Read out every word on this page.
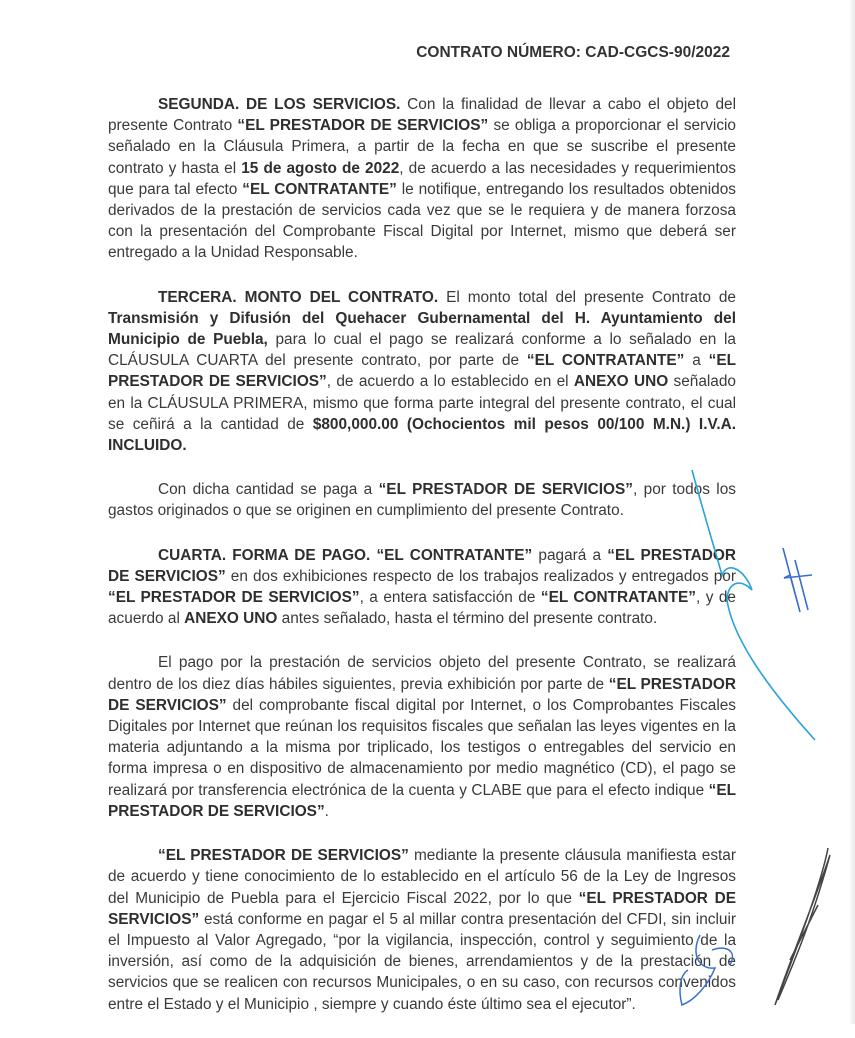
CONTRATO NÚMERO: CAD-CGCS-90/2022

SEGUNDA. DE LOS SERVICIOS. Con la finalidad de llevar a cabo el objeto del presente Contrato “EL PRESTADOR DE SERVICIOS” se obliga a proporcionar el servicio señalado en la Cláusula Primera, a partir de la fecha en que se suscribe el presente contrato y hasta el 15 de agosto de 2022, de acuerdo a las necesidades y requerimientos que para tal efecto “EL CONTRATANTE” le notifique, entregando los resultados obtenidos derivados de la prestación de servicios cada vez que se le requiera y de manera forzosa con la presentación del Comprobante Fiscal Digital por Internet, mismo que deberá ser entregado a la Unidad Responsable.

TERCERA. MONTO DEL CONTRATO. El monto total del presente Contrato de Transmisión y Difusión del Quehacer Gubernamental del H. Ayuntamiento del Municipio de Puebla, para lo cual el pago se realizará conforme a lo señalado en la CLÁUSULA CUARTA del presente contrato, por parte de “EL CONTRATANTE” a “EL PRESTADOR DE SERVICIOS”, de acuerdo a lo establecido en el ANEXO UNO señalado en la CLÁUSULA PRIMERA, mismo que forma parte integral del presente contrato, el cual se ceñirá a la cantidad de $800,000.00 (Ochocientos mil pesos 00/100 M.N.) I.V.A. INCLUIDO.

Con dicha cantidad se paga a “EL PRESTADOR DE SERVICIOS”, por todos los gastos originados o que se originen en cumplimiento del presente Contrato.

CUARTA. FORMA DE PAGO. “EL CONTRATANTE” pagará a “EL PRESTADOR DE SERVICIOS” en dos exhibiciones respecto de los trabajos realizados y entregados por “EL PRESTADOR DE SERVICIOS”, a entera satisfacción de “EL CONTRATANTE”, y de acuerdo al ANEXO UNO antes señalado, hasta el término del presente contrato.

El pago por la prestación de servicios objeto del presente Contrato, se realizará dentro de los diez días hábiles siguientes, previa exhibición por parte de “EL PRESTADOR DE SERVICIOS” del comprobante fiscal digital por Internet, o los Comprobantes Fiscales Digitales por Internet que reúnan los requisitos fiscales que señalan las leyes vigentes en la materia adjuntando a la misma por triplicado, los testigos o entregables del servicio en forma impresa o en dispositivo de almacenamiento por medio magnético (CD), el pago se realizará por transferencia electrónica de la cuenta y CLABE que para el efecto indique “EL PRESTADOR DE SERVICIOS”.

“EL PRESTADOR DE SERVICIOS” mediante la presente cláusula manifiesta estar de acuerdo y tiene conocimiento de lo establecido en el artículo 56 de la Ley de Ingresos del Municipio de Puebla para el Ejercicio Fiscal 2022, por lo que “EL PRESTADOR DE SERVICIOS” está conforme en pagar el 5 al millar contra presentación del CFDI, sin incluir el Impuesto al Valor Agregado, “por la vigilancia, inspección, control y seguimiento de la inversión, así como de la adquisición de bienes, arrendamientos y de la prestación de servicios que se realicen con recursos Municipales, o en su caso, con recursos convenidos entre el Estado y el Municipio , siempre y cuando éste último sea el ejecutor”.
